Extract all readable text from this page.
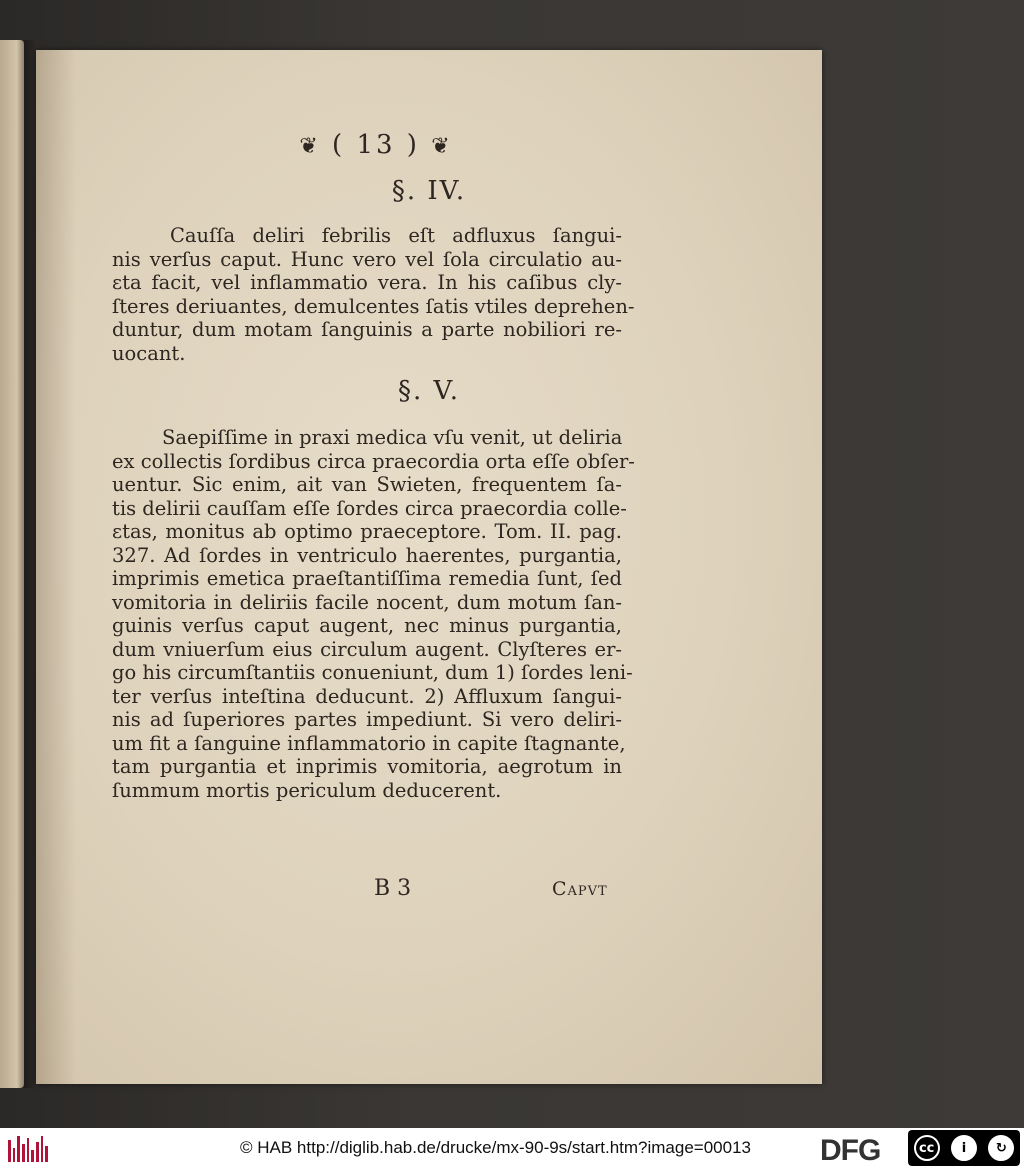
❦ ( 13 ) ❦
§. IV.
Cauſſa deliri febrilis eſt adfluxus ſangui-
nis verſus caput. Hunc vero vel ſola circulatio au-
ɛta facit, vel inflammatio vera. In his caſibus cly-
ſteres deriuantes, demulcentes ſatis vtiles deprehen-
duntur, dum motam ſanguinis a parte nobiliori re-
uocant.
§. V.
Saepiſſime in praxi medica vſu venit, ut deliria
ex collectis ſordibus circa praecordia orta eſſe obſer-
uentur. Sic enim, ait van Swieten, frequentem ſa-
tis delirii cauſſam eſſe ſordes circa praecordia colle-
ɛtas, monitus ab optimo praeceptore. Tom. II. pag.
327. Ad ſordes in ventriculo haerentes, purgantia,
imprimis emetica praeſtantiſſima remedia ſunt, ſed
vomitoria in deliriis facile nocent, dum motum ſan-
guinis verſus caput augent, nec minus purgantia,
dum vniuerſum eius circulum augent. Clyſteres er-
go his circumſtantiis conueniunt, dum 1) ſordes leni-
ter verſus inteſtina deducunt. 2) Affluxum ſangui-
nis ad ſuperiores partes impediunt. Si vero deliri-
um fit a ſanguine inflammatorio in capite ſtagnante,
tam purgantia et inprimis vomitoria, aegrotum in
ſummum mortis periculum deducerent.
B 3	Capvt
© HAB http://diglib.hab.de/drucke/mx-90-9s/start.htm?image=00013 DFG	cc	i	↻
